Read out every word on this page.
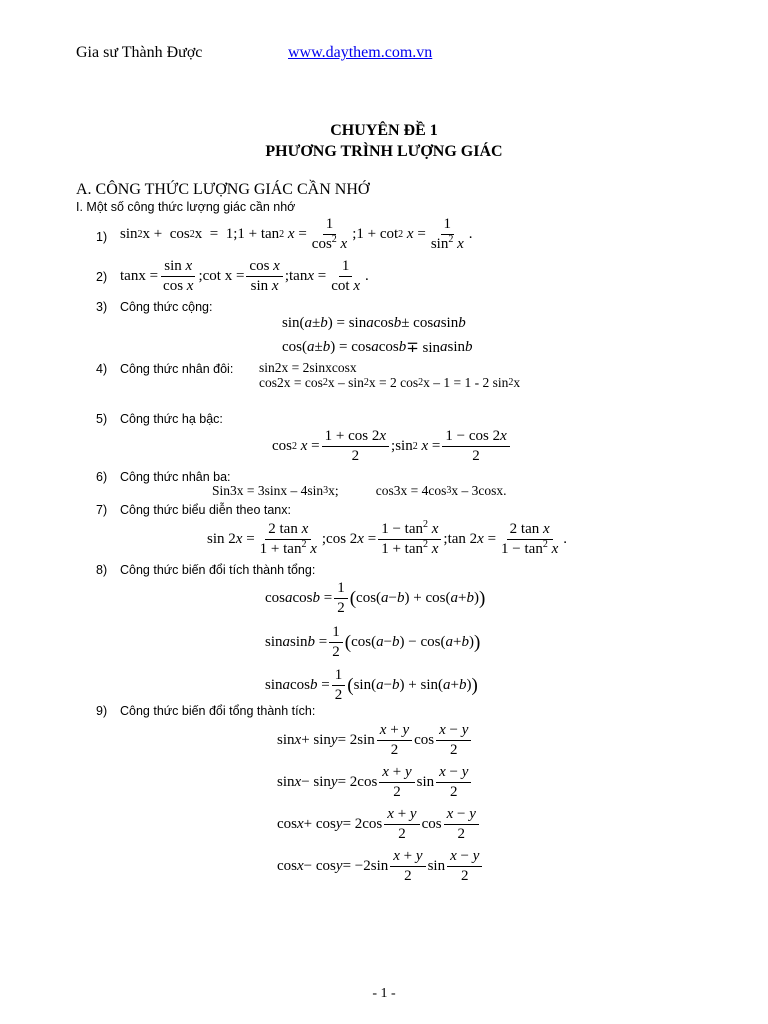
Gia sư Thành Được	www.daythem.com.vn
CHUYÊN ĐỀ 1
PHƯƠNG TRÌNH LƯỢNG GIÁC
A. CÔNG THỨC LƯỢNG GIÁC CẦN NHỚ
I. Một số công thức lượng giác cần nhớ
1) sin 2 x +  cos 2 x  =  1;1 + tan 2
$x = \frac{1}{\cos^2 x}$ ;1 + cot 2
$x = \frac{1}{\sin^2 x}$ .
2) $\tan x = \frac{\text{sin x}}{\text{cos x}}$ ;cot $x = \frac{\text{cos x}}{\text{sin x}}$ ;tan $x = \frac{1}{\text{cot x}}$ .
3) Công thức cộng:
sin( a ± b ) = sin a cos b ± cos a sin b
cos( a ± b ) = cos a cos b ∓ sin a sin b
4) Công thức nhân đôi: sin2x = 2sinxcosx
cos2x = cos 2 x – sin 2 x = 2 cos 2 x – 1 = 1 - 2 sin 2 x
5) Công thức hạ bậc:
cos 2
$x = \frac{1 + \cos 2x}{2}$ ;sin 2
$x = \frac{1 - \cos 2x}{2}$
6) Công thức nhân ba:
Sin3x = 3sinx – 4sin 3 x;           cos3x = 4cos 3 x – 3cosx.
7) Công thức biểu diễn theo tanx:
sin 2 $x = \frac{\text{2 tan x}}{1 + \tan^2 x}$ ;cos 2 $x = \frac{1 - \tan^2 x}{1 + \tan^2 x}$ ;tan 2 $x = \frac{\text{2 tan x}}{1 - \tan^2 x}$ .
8) Công thức biến đổi tích thành tổng:
cos a $\cos b = \frac{1}{2}$ ( cos( a − b ) + cos( a + b ) )
sin a $\sin b = \frac{1}{2}$ ( cos( a − b ) − cos( a + b ) )
sin a $\cos b = \frac{1}{2}$ ( sin( a − b ) + sin( a + b ) )
9) Công thức biến đổi tổng thành tích:
$\sin x + \sin y = 2\sin \frac{x + y}{2}$ $\cos \frac{x - y}{2}$
$\sin x - \sin y = 2\cos \frac{x + y}{2}$ $\sin \frac{x - y}{2}$
$\cos x + \cos y = 2\cos \frac{x + y}{2}$ $\cos \frac{x - y}{2}$
$\cos x - \cos y = -2\sin \frac{x + y}{2}$ $\sin \frac{x - y}{2}$
- 1 -
